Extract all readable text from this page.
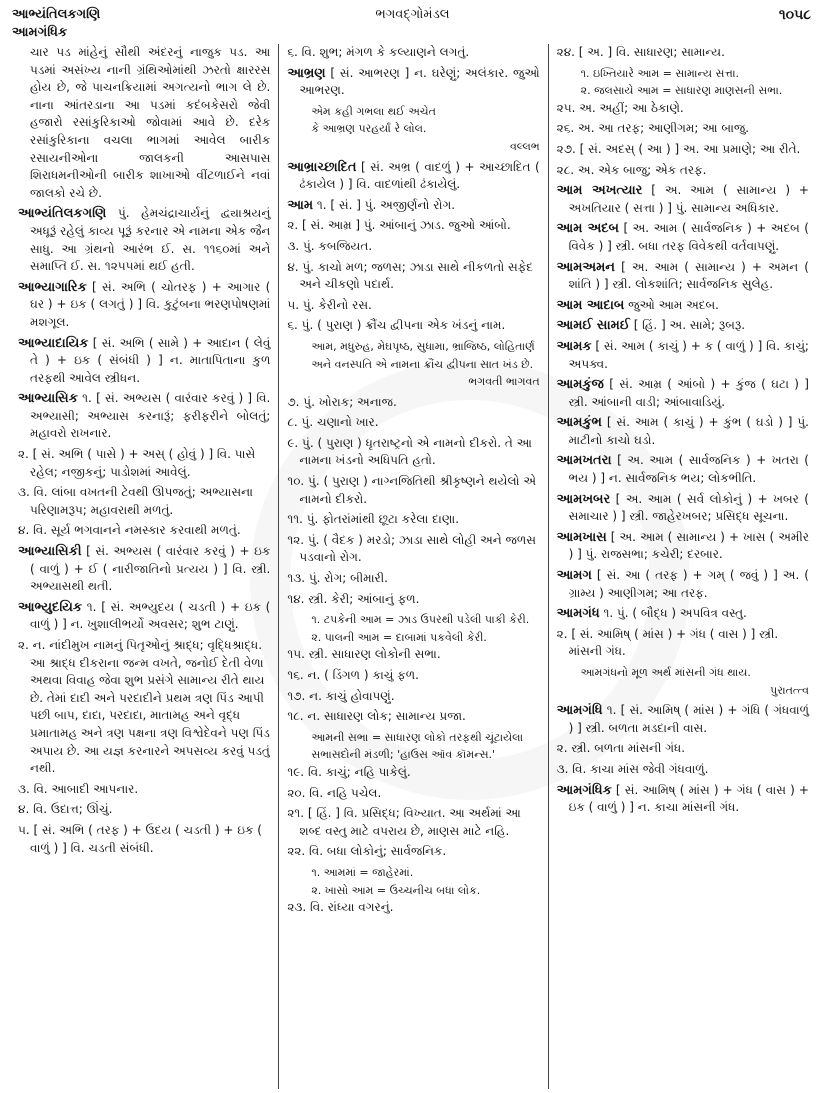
આભ્યંતિલકગણિ
આમગંધિક
ભગવદ્ગોમંડલ	૧૦૫૮

ચાર પડ માંહેનું સૌથી અંદરનું નાજુક પડ. આ પડમાં અસંખ્ય નાની ગ્રંથિઓમાંથી ઝરતો ક્ષારરસ હોય છે, જે પાચનક્રિયામાં અગત્યનો ભાગ લે છે. નાના આંતરડાના આ પડમાં કદંબકેસરો જેવી હજારો રસાંકુરિકાઓ જોવામાં આવે છે. દરેક રસાંકુરિકાના વચલા ભાગમાં આવેલ બારીક રસાયનીઓના જાલકની આસપાસ શિરાધમનીઓની બારીક શાખાઓ વીંટળાઈને નવાં જાલકો રચે છે.

આભ્યંતિલકગણિ પું. હેમચંદ્રાચાર્યનું દ્વ્યાશ્રયનું અધૂરૂં રહેલું કાવ્ય પૂરૂં કરનાર એ નામના એક જૈન સાધુ. આ ગ્રંથનો આરંભ ઈ. સ. ૧૧૬૦માં અને સમાપ્તિ ઈ. સ. ૧૨૫૫માં થઈ હતી.

આભ્યાગારિક [ સં. અભિ ( ચોતરફ ) + આગાર ( ઘર ) + ઇક ( લગતું ) ] વિ. કુટુંબના ભરણપોષણમાં મશગૂલ.

આભ્યાદાયિક [ સં. અભિ ( સામે ) + આદાન ( લેવું તે ) + ઇક ( સંબંધી ) ] ન. માતાપિતાના કુળ તરફથી આવેલ સ્ત્રીધન.

આભ્યાસિક ૧. [ સં. અભ્યસ ( વારંવાર કરવું ) ] વિ. અભ્યાસી; અભ્યાસ કરનારૂં; ફરીફરીને બોલતું; મહાવરો રાખનાર.

૨. [ સં. અભિ ( પાસે ) + અસ્ ( હોવું ) ] વિ. પાસે રહેલ; નજીકનું; પાડોશમાં આવેલું.

૩. વિ. લાંબા વખતની ટેવથી ઊપજતું; અભ્યાસના પરિણામરૂપ; મહાવરાથી મળતું.

૪. વિ. સૂર્ય ભગવાનને નમસ્કાર કરવાથી મળતું.

આભ્યાસિકી [ સં. અભ્યસ ( વારંવાર કરવું ) + ઇક ( વાળું ) + ઈ ( નારીજાતિનો પ્રત્યય ) ] વિ. સ્ત્રી. અભ્યાસથી થતી.

આભ્યુદયિક ૧. [ સં. અભ્યુદય ( ચડતી ) + ઇક ( વાળું ) ] ન. ખુશાલીભર્યો અવસર; શુભ ટાણું.

૨. ન. નાંદીમુખ નામનું પિતૃઓનું શ્રાદ્ધ; વૃદ્ધિશ્રાદ્ધ. આ શ્રાદ્ધ દીકરાના જન્મ વખતે, જનોઈ દેતી વેળા અથવા વિવાહ જેવા શુભ પ્રસંગે સામાન્ય રીતે થાય છે. તેમાં દાદી અને પરદાદીને પ્રથમ ત્રણ પિંડ આપી પછી બાપ, દાદા, પરદાદા, માતામહ અને વૃદ્ધ પ્રમાતામહ અને ત્રણ પક્ષના ત્રણ વિશ્વેદેવને પણ પિંડ અપાય છે. આ યજ્ઞ કરનારને અપસવ્ય કરવું પડતું નથી.

૩. વિ. આબાદી આપનાર.

૪. વિ. ઉદાત્ત; ઊંચું.

૫. [ સં. અભિ ( તરફ ) + ઉદય ( ચડતી ) + ઇક ( વાળું ) ] વિ. ચડતી સંબંધી.

૬. વિ. શુભ; મંગળ કે કલ્યાણને લગતું.

આભ્રણ [ સં. આભરણ ] ન. ઘરેણું; અલંકાર. જુઓ આભરણ.

એમ કહી ગભલા થઈ અચેત

કે આભ્રણ પરહર્યાં રે લોલ.

વલ્લભ

આભ્રાચ્છાદિત [ સં. અભ્ર ( વાદળું ) + આચ્છાદિત ( ઢંકાયેલ ) ] વિ. વાદળાંથી ઢંકાયેલું.

આમ ૧. [ સં. ] પું. અજીર્ણનો રોગ.

૨. [ સં. આમ્ર ] પું. આંબાનું ઝાડ. જુઓ આંબો.

૩. પું. કબજિયત.

૪. પું. કાચો મળ; જળસ; ઝાડા સાથે નીકળતો સફેદ અને ચીકણો પદાર્થ.

૫. પું. કેરીનો રસ.

૬. પું. ( પુરાણ ) ક્રૌંચ દ્વીપના એક ખંડનું નામ.

આમ, મધુરુહ, મેઘપૃષ્ઠ, સુધામા, ભ્રાજિષ્ઠ, લોહિતાર્ણ અને વનસ્પતિ એ નામના ક્રૌંચ દ્વીપના સાત ખંડ છે.

ભગવતી ભાગવત

૭. પું. ખોરાક; અનાજ.

૮. પું. ચણાનો ખાર.

૯. પું. ( પુરાણ ) ધૃતરાષ્ટ્રનો એ નામનો દીકરો. તે આ નામના ખંડનો અધિપતિ હતો.

૧૦. પું. ( પુરાણ ) નાગ્નજિતિથી શ્રીકૃષ્ણને થયેલો એ નામનો દીકરો.

૧૧. પું. ફોતરાંમાંથી છૂટા કરેલા દાણા.

૧૨. પું. ( વૈદક ) મરડો; ઝાડા સાથે લોહી અને જળસ પડવાનો રોગ.

૧૩. પું. રોગ; બીમારી.

૧૪. સ્ત્રી. કેરી; આંબાનું ફળ.

૧. ટપકેની આમ = ઝાડ ઉપરથી પડેલી પાકી કેરી.

૨. પાલની આમ = દાબામાં પકવેલી કેરી.

૧૫. સ્ત્રી. સાધારણ લોકોની સભા.

૧૬. ન. ( ડિંગળ ) કાચું ફળ.

૧૭. ન. કાચું હોવાપણું.

૧૮. ન. સાધારણ લોક; સામાન્ય પ્રજા.

આમની સભા = સાધારણ લોકો તરફથી ચૂંટાયેલા સભાસદોની મંડળી; 'હાઉસ ઑવ કૉમન્સ.'

૧૯. વિ. કાચું; નહિ પાકેલું.

૨૦. વિ. નહિ પચેલ.

૨૧. [ હિં. ] વિ. પ્રસિદ્ધ; વિખ્યાત. આ અર્થમાં આ શબ્દ વસ્તુ માટે વપરાય છે, માણસ માટે નહિ.

૨૨. વિ. બધા લોકોનું; સાર્વજનિક.

૧. આમમાં = જાહેરમાં.

૨. ખાસો આમ = ઉચ્ચનીચ બધા લોક.

૨૩. વિ. રાંધ્યા વગરનું.

૨૪. [ અ. ] વિ. સાધારણ; સામાન્ય.

૧. ઇખ્તિયારે આમ = સામાન્ય સત્તા.

૨. જલસાયે આમ = સાધારણ માણસની સભા.

૨૫. અ. અહીં; આ ઠેકાણે.

૨૬. અ. આ તરફ; આણીગમ; આ બાજુ.

૨૭. [ સં. અદસ્ ( આ ) ] અ. આ પ્રમાણે; આ રીતે.

૨૮. અ. એક બાજુ; એક તરફ.

આમ અખત્યાર [ અ. આમ ( સામાન્ય ) + અખતિયાર ( સત્તા ) ] પું. સામાન્ય અધિકાર.

આમ અદબ [ અ. આમ ( સાર્વજનિક ) + અદબ ( વિવેક ) ] સ્ત્રી. બધા તરફ વિવેકથી વર્તવાપણું.

આમઅમન [ અ. આમ ( સામાન્ય ) + અમન ( શાંતિ ) ] સ્ત્રી. લોકશાંતિ; સાર્વજનિક સુલેહ.

આમ આદાબ જુઓ આમ અદબ.

આમઈ સામઈ [ હિં. ] અ. સામે; રૂબરૂ.

આમક [ સં. આમ ( કાચું ) + ક ( વાળું ) ] વિ. કાચું; અપક્વ.

આમકુંજ [ સં. આમ્ર ( આંબો ) + કુંજ ( ઘટા ) ] સ્ત્રી. આંબાની વાડી; આંબાવાડિયું.

આમકુંભ [ સં. આમ ( કાચું ) + કુંભ ( ઘડો ) ] પું. માટીનો કાચો ઘડો.

આમખતરા [ અ. આમ ( સાર્વજનિક ) + ખતરા ( ભય ) ] ન. સાર્વજનિક ભય; લોકભીતિ.

આમખબર [ અ. આમ ( સર્વ લોકોનું ) + ખબર ( સમાચાર ) ] સ્ત્રી. જાહેરખબર; પ્રસિદ્ધ સૂચના.

આમખાસ [ અ. આમ ( સામાન્ય ) + ખાસ ( અમીર ) ] પું. રાજસભા; કચેરી; દરબાર.

આમગ [ સં. આ ( તરફ ) + ગમ્ ( જવું ) ] અ. ( ગ્રામ્ય ) આણીગમ; આ તરફ.

આમગંધ ૧. પું. ( બૌદ્ધ ) અપવિત્ર વસ્તુ.

૨. [ સં. આમિષ્ ( માંસ ) + ગંધ ( વાસ ) ] સ્ત્રી. માંસની ગંધ.

આમગંધનો મૂળ અર્થ માંસની ગંધ થાય.

પુરાતત્ત્વ

આમગંધિ ૧. [ સં. આમિષ્ ( માંસ ) + ગંધિ ( ગંધવાળું ) ] સ્ત્રી. બળતા મડદાની વાસ.

૨. સ્ત્રી. બળતા માંસની ગંધ.

૩. વિ. કાચા માંસ જેવી ગંધવાળું.

આમગંધિક [ સં. આમિષ્ ( માંસ ) + ગંધ ( વાસ ) + ઇક ( વાળું ) ] ન. કાચા માંસની ગંધ.
